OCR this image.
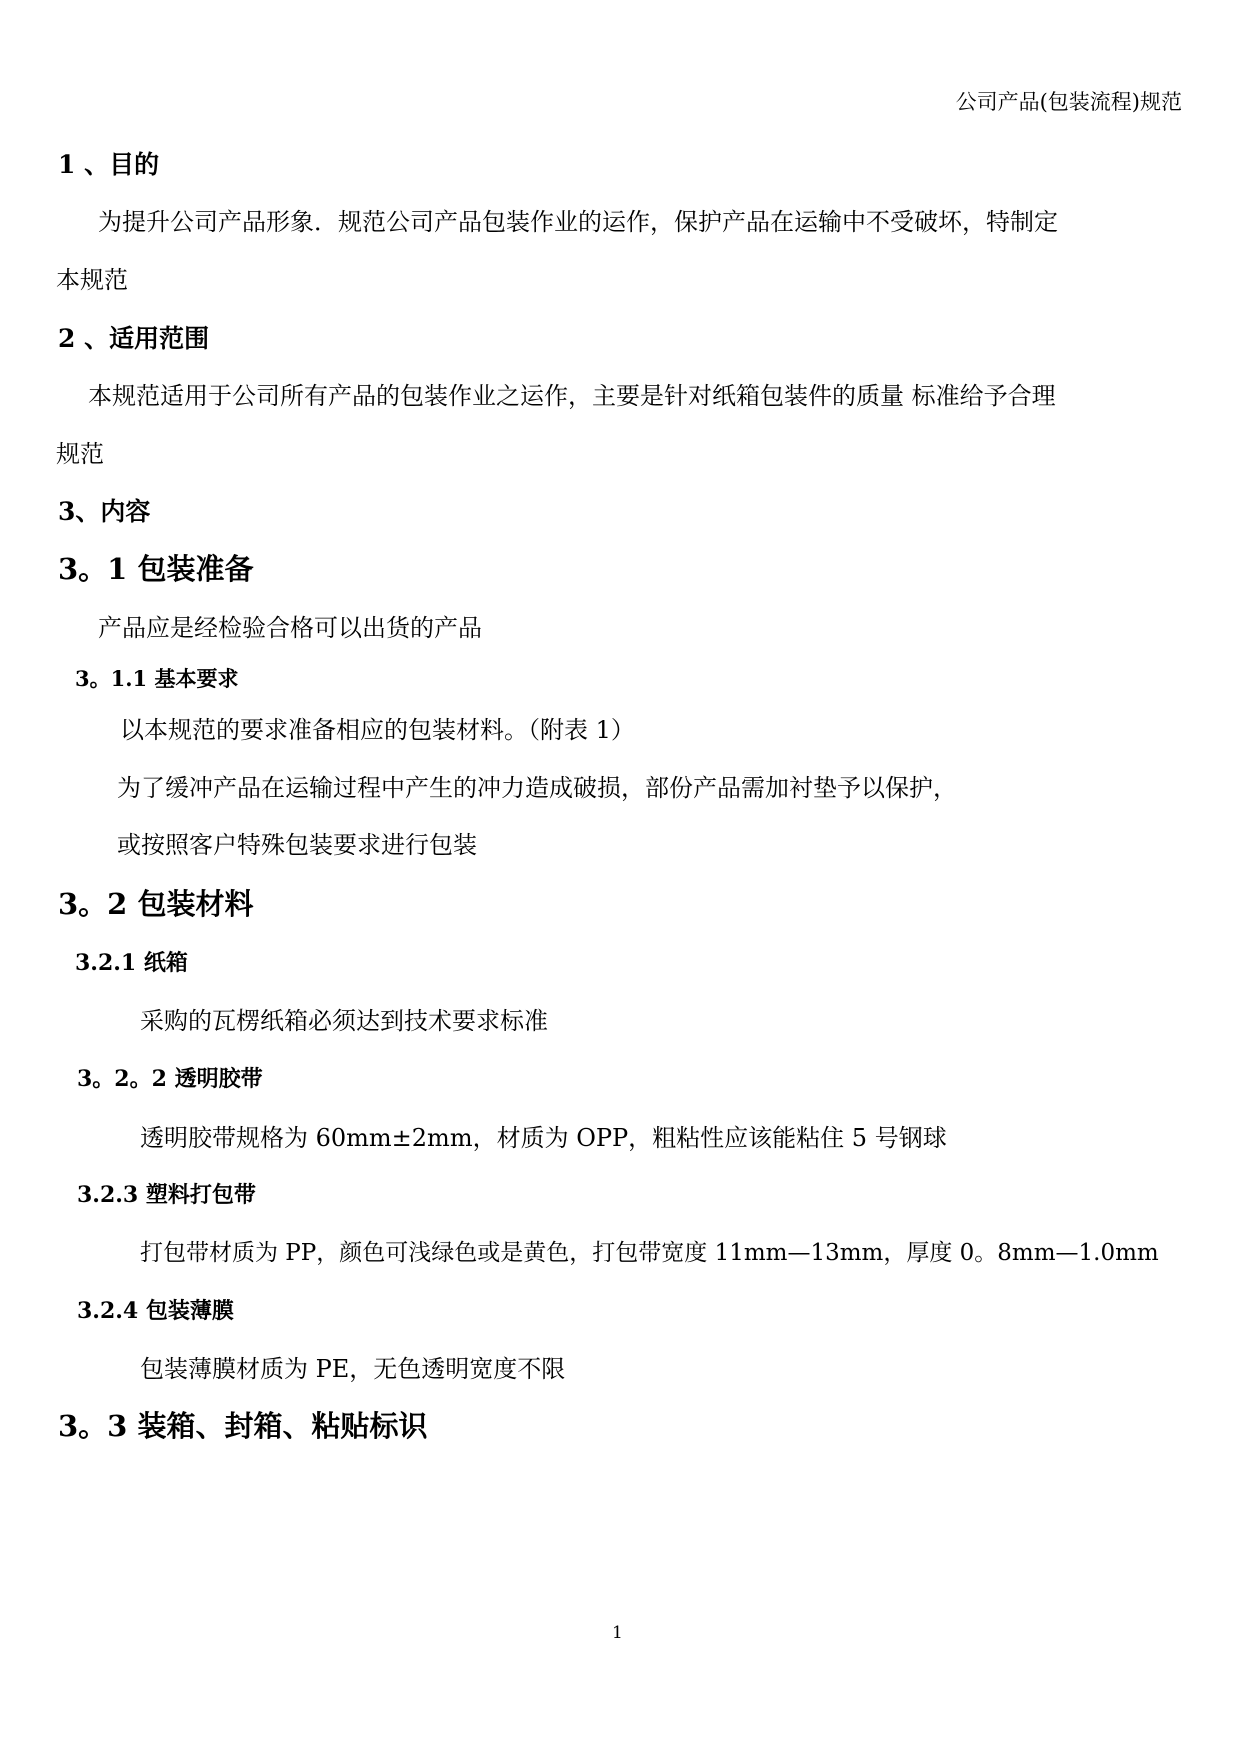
公司产品(包装流程)规范
1 、目的
为提升公司产品形象．规范公司产品包装作业的运作，保护产品在运输中不受破坏，特制定
本规范
2 、适用范围
本规范适用于公司所有产品的包装作业之运作，主要是针对纸箱包装件的质量 标准给予合理
规范
3、内容
3。1 包装准备
产品应是经检验合格可以出货的产品
3。1.1 基本要求
以本规范的要求准备相应的包装材料。（附表 1）
为了缓冲产品在运输过程中产生的冲力造成破损，部份产品需加衬垫予以保护，
或按照客户特殊包装要求进行包装
3。2 包装材料
3.2.1 纸箱
采购的瓦楞纸箱必须达到技术要求标准
3。2。2 透明胶带
透明胶带规格为 60mm±2mm，材质为 OPP，粗粘性应该能粘住 5 号钢球
3.2.3 塑料打包带
打包带材质为 PP，颜色可浅绿色或是黄色，打包带宽度 11mm—13mm，厚度 0。8mm—1.0mm
3.2.4 包装薄膜
包装薄膜材质为 PE，无色透明宽度不限
3。3 装箱、封箱、粘贴标识
1
